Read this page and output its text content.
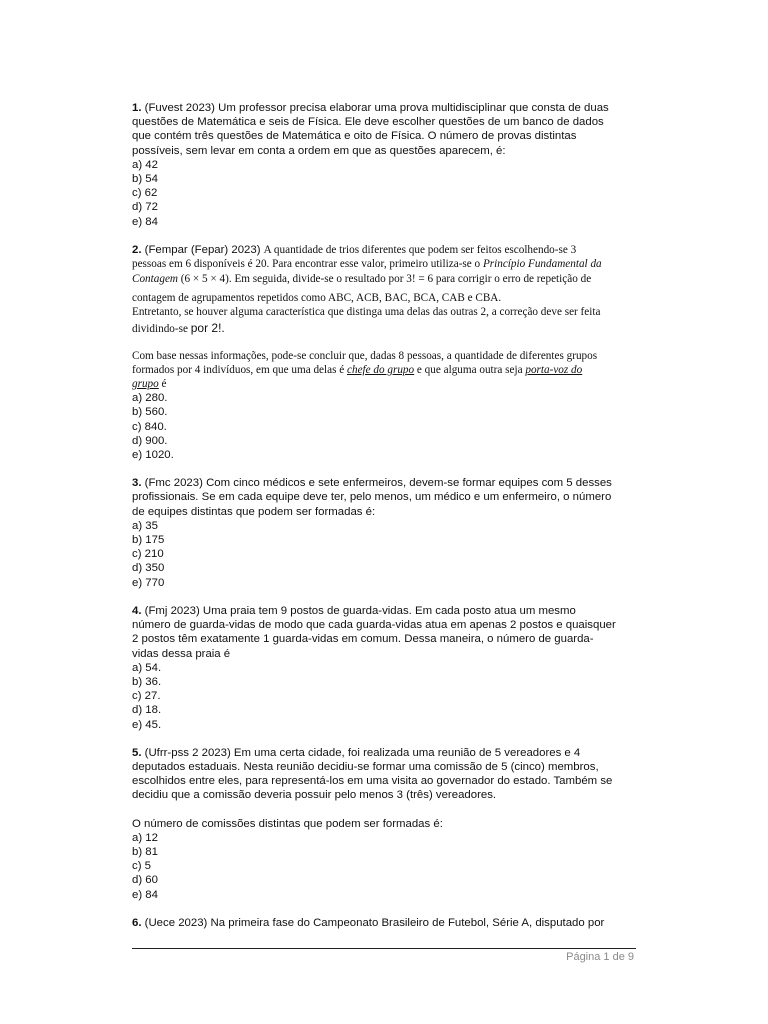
1. (Fuvest 2023) Um professor precisa elaborar uma prova multidisciplinar que consta de duas

questões de Matemática e seis de Física. Ele deve escolher questões de um banco de dados

que contém três questões de Matemática e oito de Física. O número de provas distintas

possíveis, sem levar em conta a ordem em que as questões aparecem, é:

a) 42

b) 54

c) 62

d) 72

e) 84

2. (Fempar (Fepar) 2023) A quantidade de trios diferentes que podem ser feitos escolhendo-se 3

pessoas em 6 disponíveis é 20. Para encontrar esse valor, primeiro utiliza-se o Princípio Fundamental da

Contagem (6 × 5 × 4). Em seguida, divide-se o resultado por 3! = 6 para corrigir o erro de repetição de

contagem de agrupamentos repetidos como ABC, ACB, BAC, BCA, CAB e CBA.

Entretanto, se houver alguma característica que distinga uma delas das outras 2, a correção deve ser feita

dividindo-se por 2!.

Com base nessas informações, pode-se concluir que, dadas 8 pessoas, a quantidade de diferentes grupos

formados por 4 indivíduos, em que uma delas é chefe do grupo e que alguma outra seja porta-voz do

grupo é

a) 280.

b) 560.

c) 840.

d) 900.

e) 1020.

3. (Fmc 2023) Com cinco médicos e sete enfermeiros, devem-se formar equipes com 5 desses

profissionais. Se em cada equipe deve ter, pelo menos, um médico e um enfermeiro, o número

de equipes distintas que podem ser formadas é:

a) 35

b) 175

c) 210

d) 350

e) 770

4. (Fmj 2023) Uma praia tem 9 postos de guarda-vidas. Em cada posto atua um mesmo

número de guarda-vidas de modo que cada guarda-vidas atua em apenas 2 postos e quaisquer

2 postos têm exatamente 1 guarda-vidas em comum. Dessa maneira, o número de guarda-

vidas dessa praia é

a) 54.

b) 36.

c) 27.

d) 18.

e) 45.

5. (Ufrr-pss 2 2023) Em uma certa cidade, foi realizada uma reunião de 5 vereadores e 4

deputados estaduais. Nesta reunião decidiu-se formar uma comissão de 5 (cinco) membros,

escolhidos entre eles, para representá-los em uma visita ao governador do estado. Também se

decidiu que a comissão deveria possuir pelo menos 3 (três) vereadores.

O número de comissões distintas que podem ser formadas é:

a) 12

b) 81

c) 5

d) 60

e) 84

6. (Uece 2023) Na primeira fase do Campeonato Brasileiro de Futebol, Série A, disputado por

Página 1 de 9
